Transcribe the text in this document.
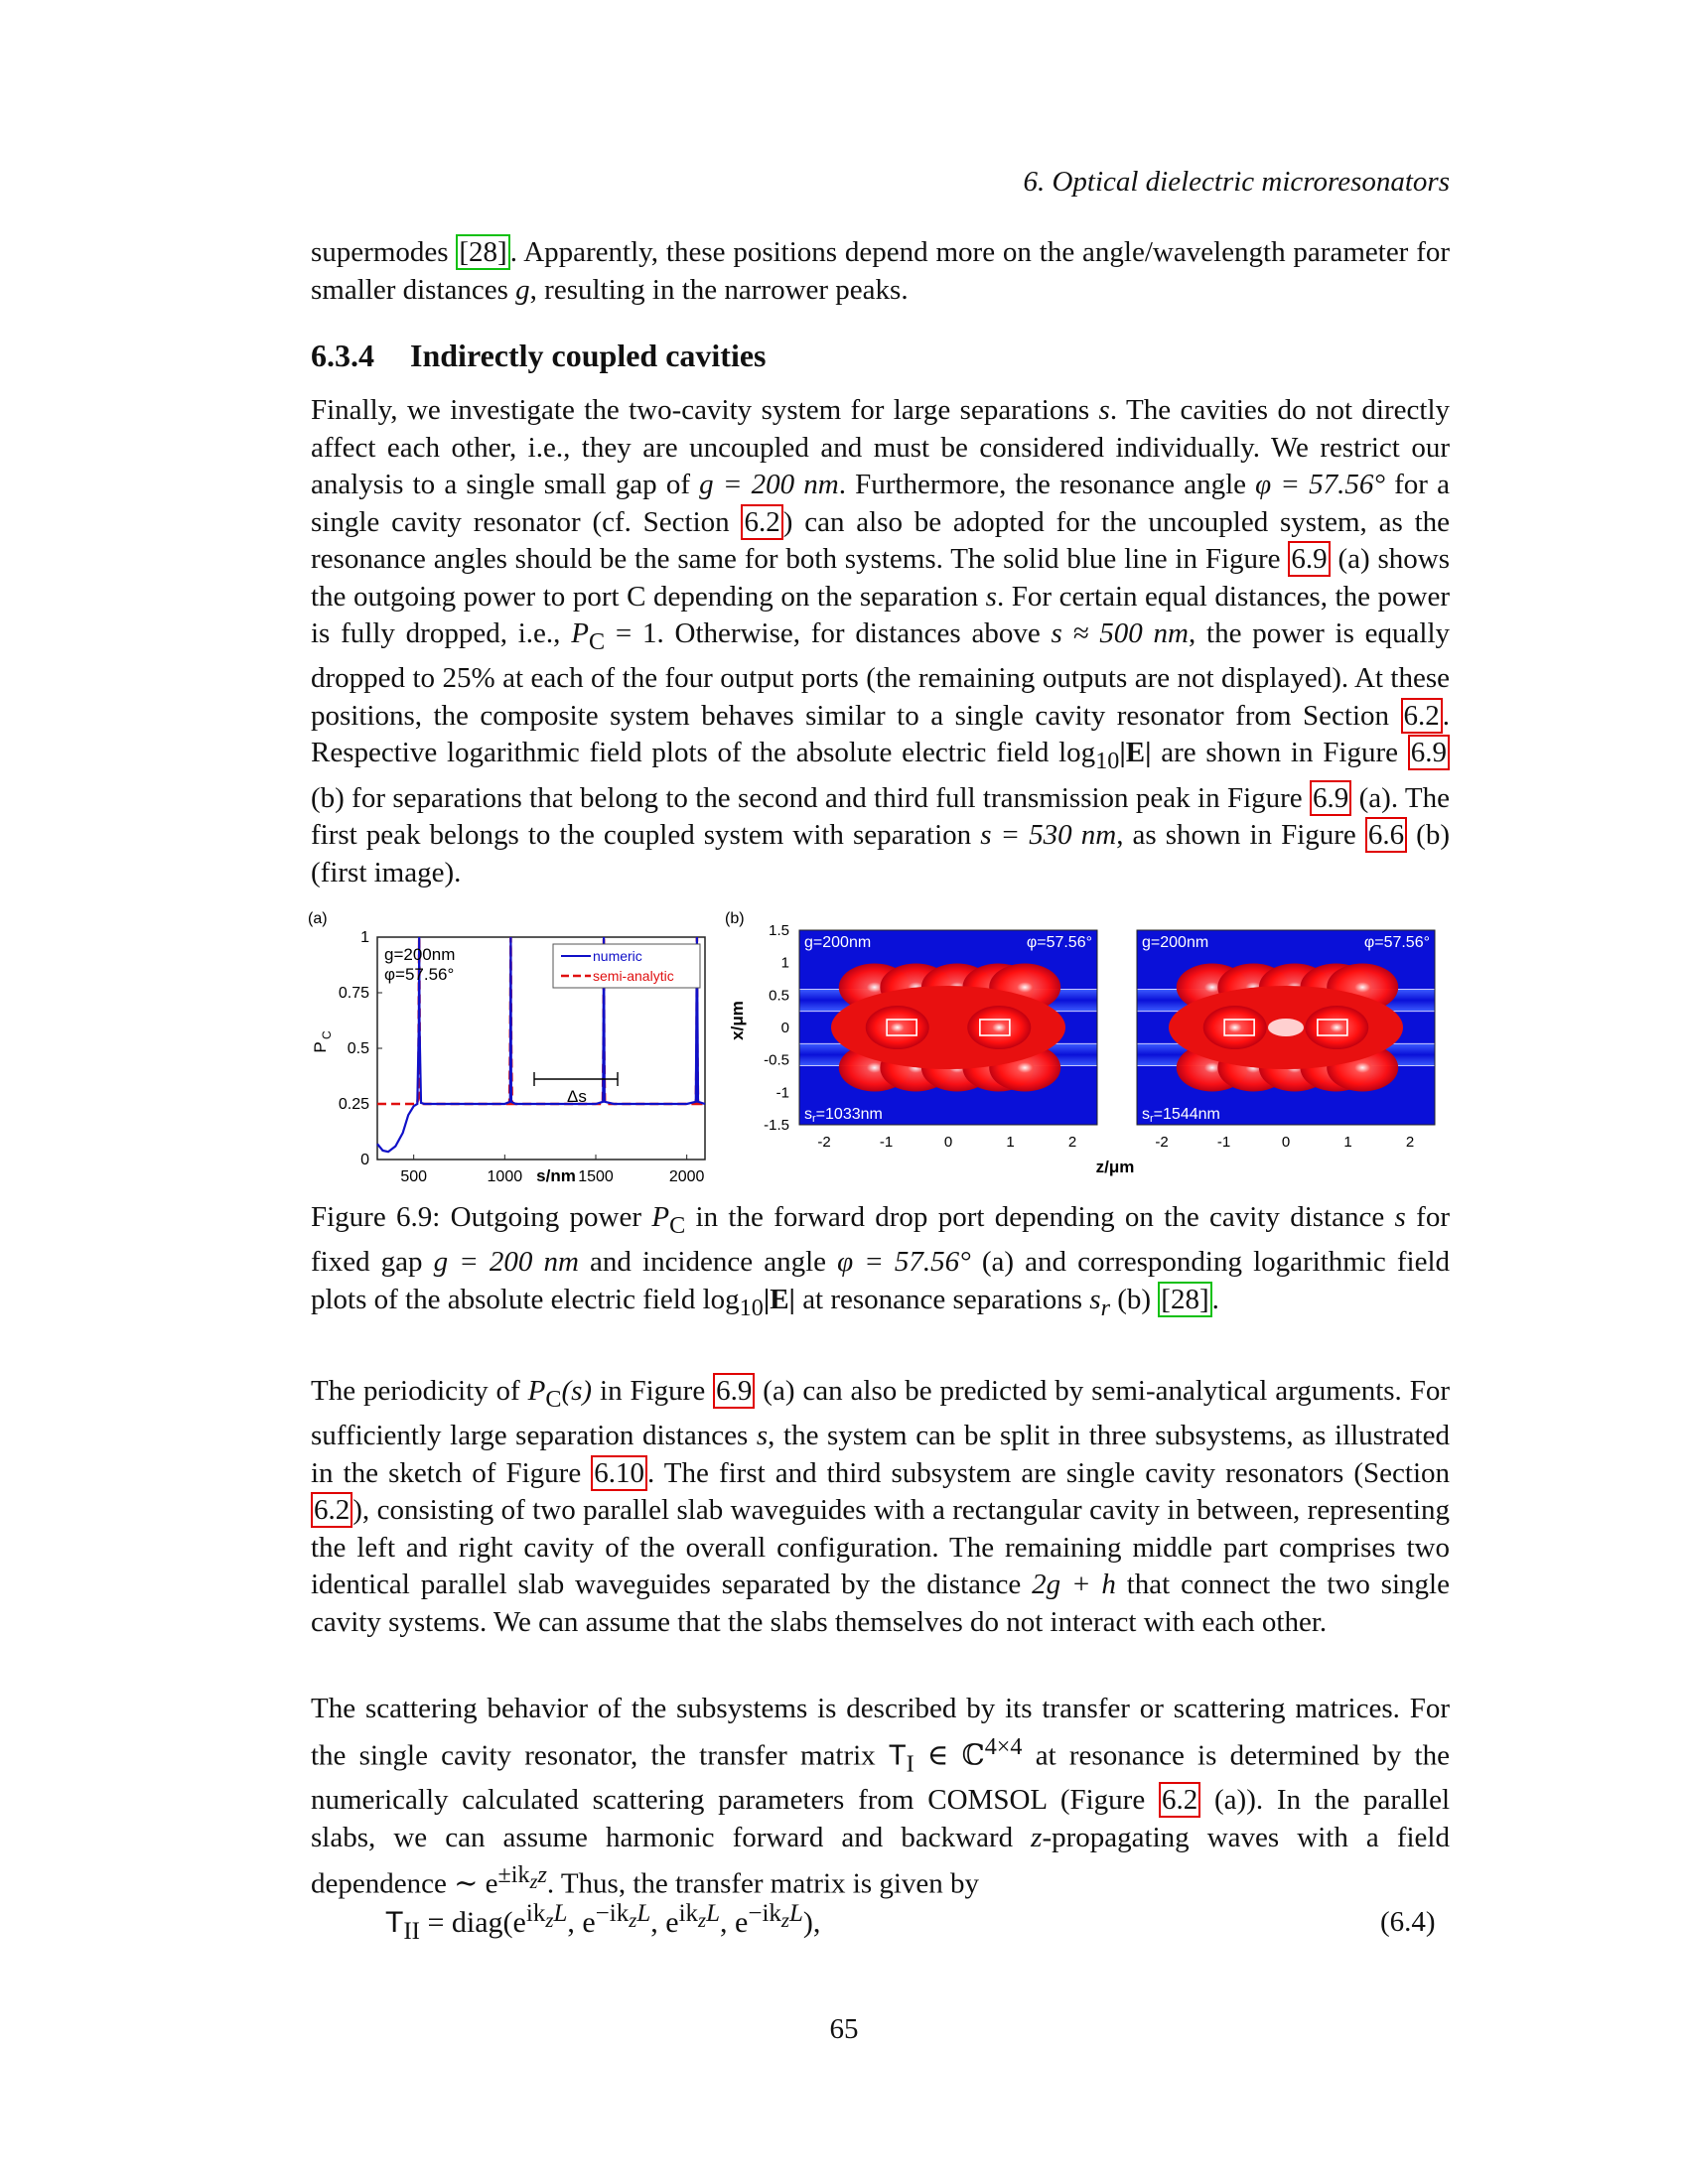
6. Optical dielectric microresonators

supermodes [28] . Apparently, these positions depend more on the angle/wavelength parameter for smaller distances g, resulting in the narrower peaks.

6.3.4 Indirectly coupled cavities

Finally, we investigate the two-cavity system for large separations s. The cavities do not directly affect each other, i.e., they are uncoupled and must be considered individually. We restrict our analysis to a single small gap of g = 200 nm. Furthermore, the resonance angle φ = 57.56° for a single cavity resonator (cf. Section 6.2 ) can also be adopted for the uncoupled system, as the resonance angles should be the same for both systems. The solid blue line in Figure 6.9 (a) shows the outgoing power to port C depending on the separation s. For certain equal distances, the power is fully dropped, i.e., $P_C = 1$. Otherwise, for distances above s ≈ 500 nm, the power is equally dropped to 25% at each of the four output ports (the remaining outputs are not displayed). At these positions, the composite system behaves similar to a single cavity resonator from Section 6.2 . Respective logarithmic field plots of the absolute electric field $\log_{10}|E|$ are shown in Figure 6.9 (b) for separations that belong to the second and third full transmission peak in Figure 6.9 (a). The first peak belongs to the coupled system with separation s = 530 nm, as shown in Figure 6.6 (b) (first image).

(a)
500	1000	1500	2000
0
0.25
0.5
0.75
1
g=200nm
φ=57.56°
Δs
numeric
semi-analytic
s/nm
P
C
(b)
1.5
1
0.5
0
-0.5
-1
-1.5
x/μm
g=200nm	φ=57.56°
sr=1033nm
g=200nm	φ=57.56°
sr=1544nm
-2	-1	0	1	2	-2	-1	0	1	2
z/μm

Figure 6.9: Outgoing power $P_C$ in the forward drop port depending on the cavity distance s for fixed gap g = 200 nm and incidence angle φ = 57.56° (a) and corresponding logarithmic field plots of the absolute electric field $\log_{10}|E|$ at resonance separations $s_r$ (b) [28] .

The periodicity of $P_C(s)$ in Figure 6.9 (a) can also be predicted by semi-analytical arguments. For sufficiently large separation distances s, the system can be split in three subsystems, as illustrated in the sketch of Figure 6.10 . The first and third subsystem are single cavity resonators (Section 6.2 ), consisting of two parallel slab waveguides with a rectangular cavity in between, representing the left and right cavity of the overall configuration. The remaining middle part comprises two identical parallel slab waveguides separated by the distance 2g + h that connect the two single cavity systems. We can assume that the slabs themselves do not interact with each other.

The scattering behavior of the subsystems is described by its transfer or scattering matrices. For the single cavity resonator, the transfer matrix $T_I$ ∈ ℂ$^{4\times 4}$ at resonance is determined by the numerically calculated scattering parameters from COMSOL (Figure 6.2 (a)). In the parallel slabs, we can assume harmonic forward and backward z-propagating waves with a field dependence ∼ $e^{\pm ik_zz}$. Thus, the transfer matrix is given by

$T_{II}$ = $diag(e^{ik_zL}$, $e^{-ik_zL}$, $e^{ik_zL}$, $e^{-ik_zL}$),	(6.4)
65
